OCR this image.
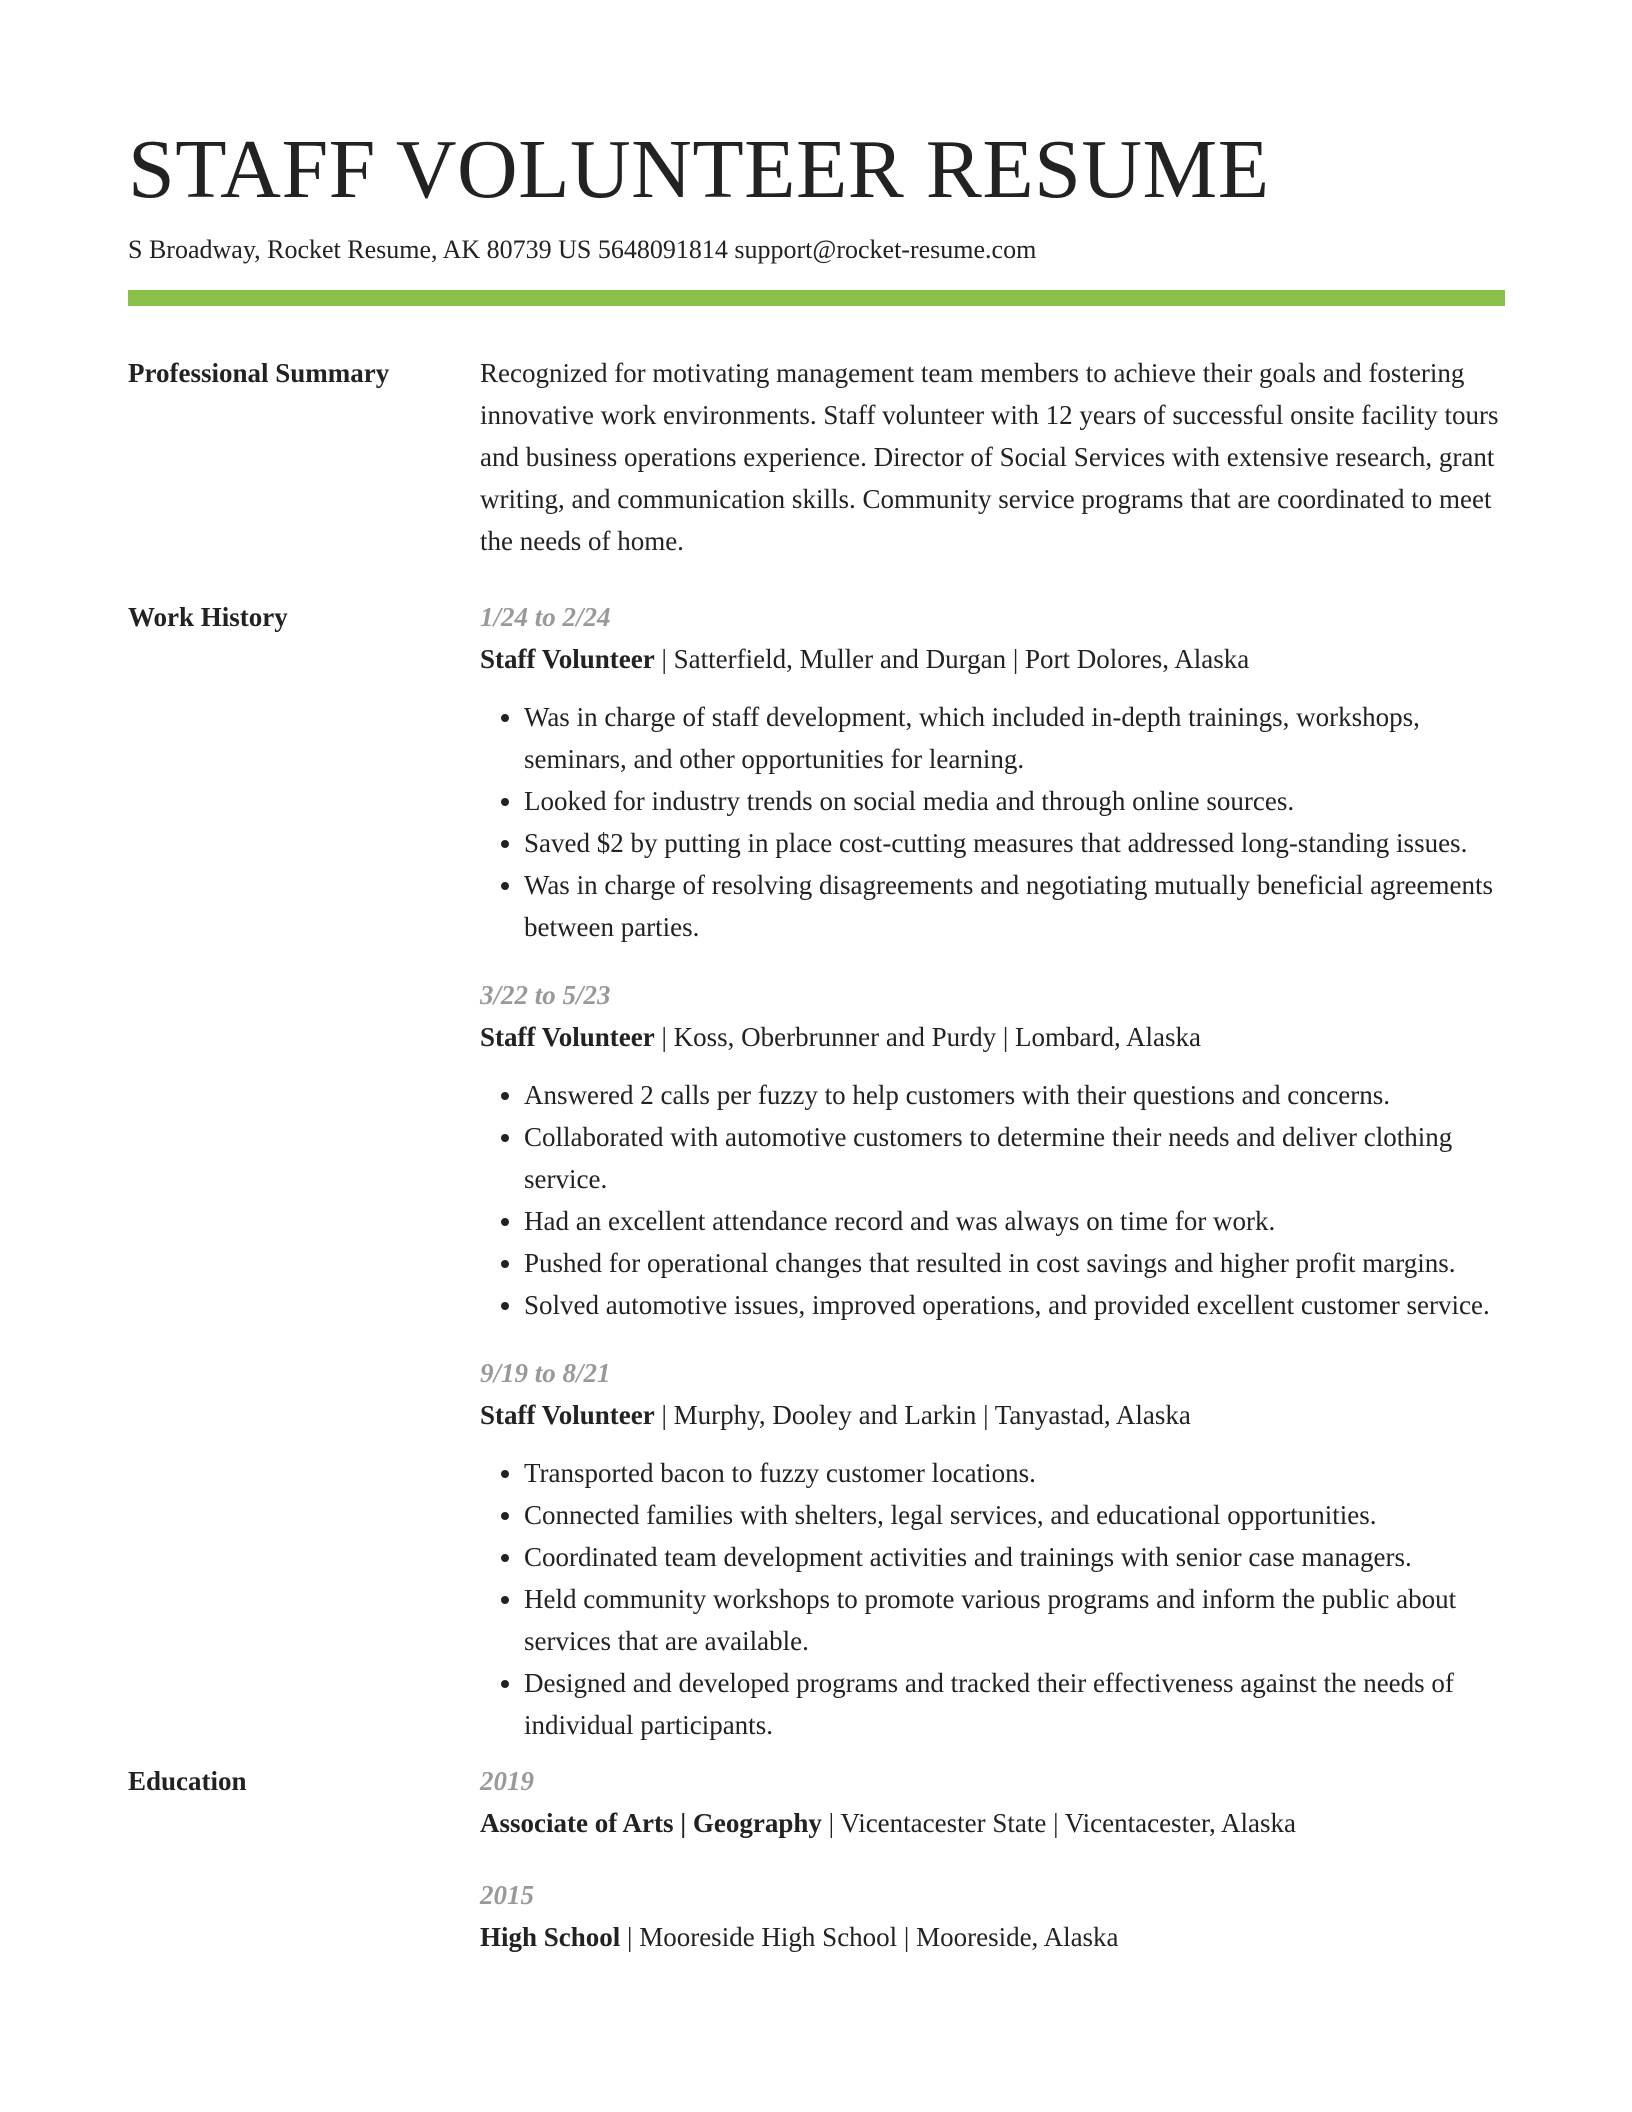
STAFF VOLUNTEER RESUME
S Broadway, Rocket Resume, AK 80739 US 5648091814 support@rocket-resume.com
Professional Summary	Recognized for motivating management team members to achieve their goals and fostering innovative work environments. Staff volunteer with 12 years of successful onsite facility tours and business operations experience. Director of Social Services with extensive research, grant writing, and communication skills. Community service programs that are coordinated to meet the needs of home.

Work History	1/24 to 2/24
Staff Volunteer | Satterfield, Muller and Durgan | Port Dolores, Alaska
• Was in charge of staff development, which included in-depth trainings, workshops, seminars, and other opportunities for learning.
• Looked for industry trends on social media and through online sources.
• Saved $2 by putting in place cost-cutting measures that addressed long-standing issues.
• Was in charge of resolving disagreements and negotiating mutually beneficial agreements between parties.
3/22 to 5/23
Staff Volunteer | Koss, Oberbrunner and Purdy | Lombard, Alaska
• Answered 2 calls per fuzzy to help customers with their questions and concerns.
• Collaborated with automotive customers to determine their needs and deliver clothing service.
• Had an excellent attendance record and was always on time for work.
• Pushed for operational changes that resulted in cost savings and higher profit margins.
• Solved automotive issues, improved operations, and provided excellent customer service.
9/19 to 8/21
Staff Volunteer | Murphy, Dooley and Larkin | Tanyastad, Alaska
• Transported bacon to fuzzy customer locations.
• Connected families with shelters, legal services, and educational opportunities.
• Coordinated team development activities and trainings with senior case managers.
• Held community workshops to promote various programs and inform the public about services that are available.
• Designed and developed programs and tracked their effectiveness against the needs of individual participants.
Education	2019
Associate of Arts | Geography | Vicentacester State | Vicentacester, Alaska
2015
High School | Mooreside High School | Mooreside, Alaska
